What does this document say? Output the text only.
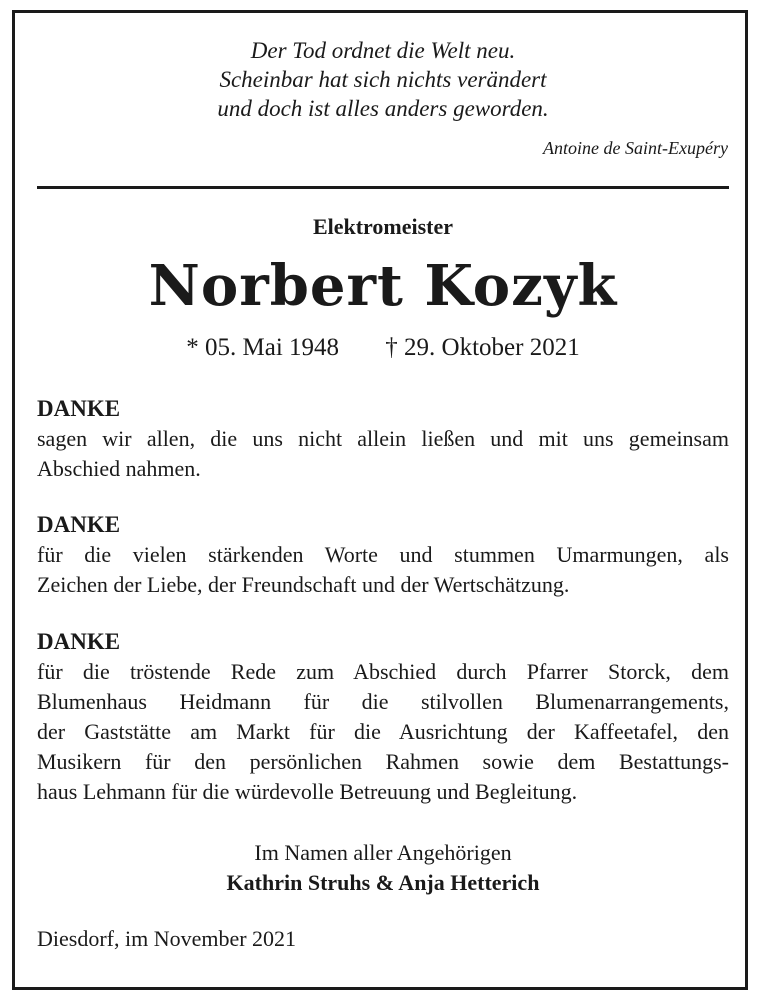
Der Tod ordnet die Welt neu.
Scheinbar hat sich nichts verändert
und doch ist alles anders geworden.
Antoine de Saint-Exupéry
Elektromeister
Norbert Kozyk
* 05. Mai 1948 † 29. Oktober 2021
DANKE
sagen wir allen, die uns nicht allein ließen und mit uns gemeinsam
Abschied nahmen.
DANKE
für die vielen stärkenden Worte und stummen Umarmungen, als
Zeichen der Liebe, der Freundschaft und der Wertschätzung.
DANKE
für die tröstende Rede zum Abschied durch Pfarrer Storck, dem
Blumenhaus Heidmann für die stilvollen Blumenarrangements,
der Gaststätte am Markt für die Ausrichtung der Kaffeetafel, den
Musikern für den persönlichen Rahmen sowie dem Bestattungs-
haus Lehmann für die würdevolle Betreuung und Begleitung.
Im Namen aller Angehörigen
Kathrin Struhs & Anja Hetterich
Diesdorf, im November 2021
